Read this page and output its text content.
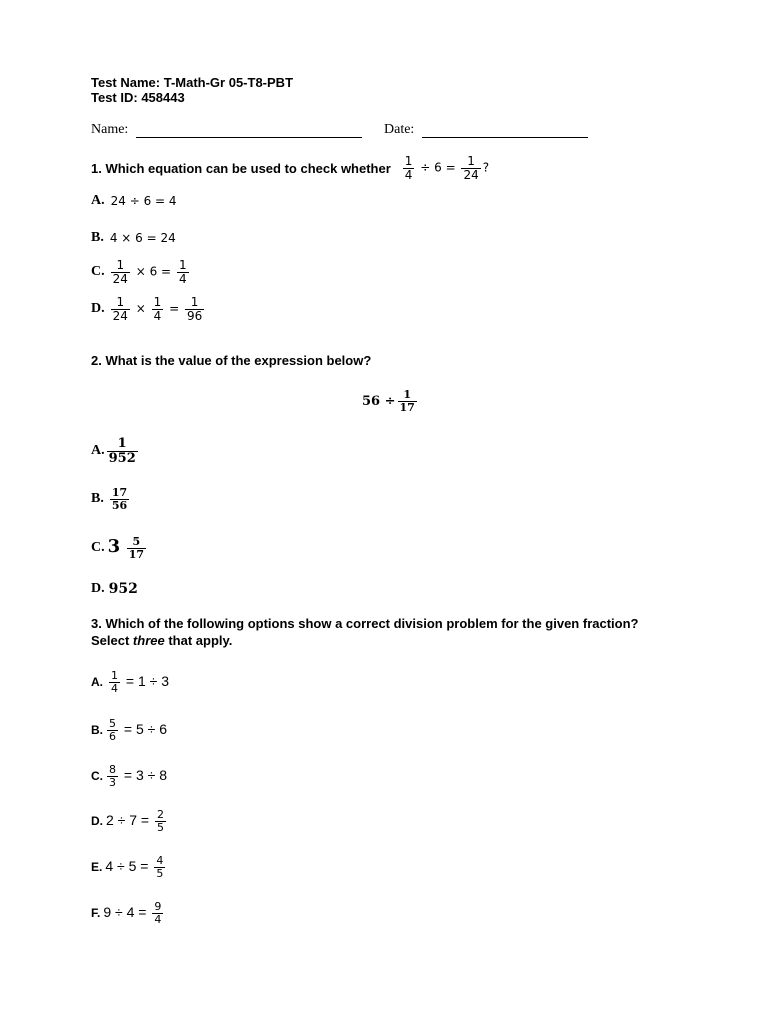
Test Name: T-Math-Gr 05-T8-PBT
Test ID: 458443
Name:	Date:
1. Which equation can be used to check whether $\frac{1}{4} \div 6 = \frac{1}{24}$ ?
A. 24 ÷ 6 = 4
B. 4 × 6 = 24
C. $\frac{1}{24} \times 6 = \frac{1}{4}$
D. $\frac{1}{24} \times \frac{1}{4} = \frac{1}{96}$
2. What is the value of the expression below?
$56 \div \frac{1}{17}$
A. $\frac{1}{952}$
B. $\frac{17}{56}$
C. $3 \frac{5}{17}$
D. 952
3. Which of the following options show a correct division problem for the given fraction?
Select three that apply.
A. $\frac{1}{4} = 1 \div 3$
B. $\frac{5}{6} = 5 \div 6$
C. $\frac{8}{3} = 3 \div 8$
D. $2 \div 7 = \frac{2}{5}$
E. $4 \div 5 = \frac{4}{5}$
F. $9 \div 4 = \frac{9}{4}$
